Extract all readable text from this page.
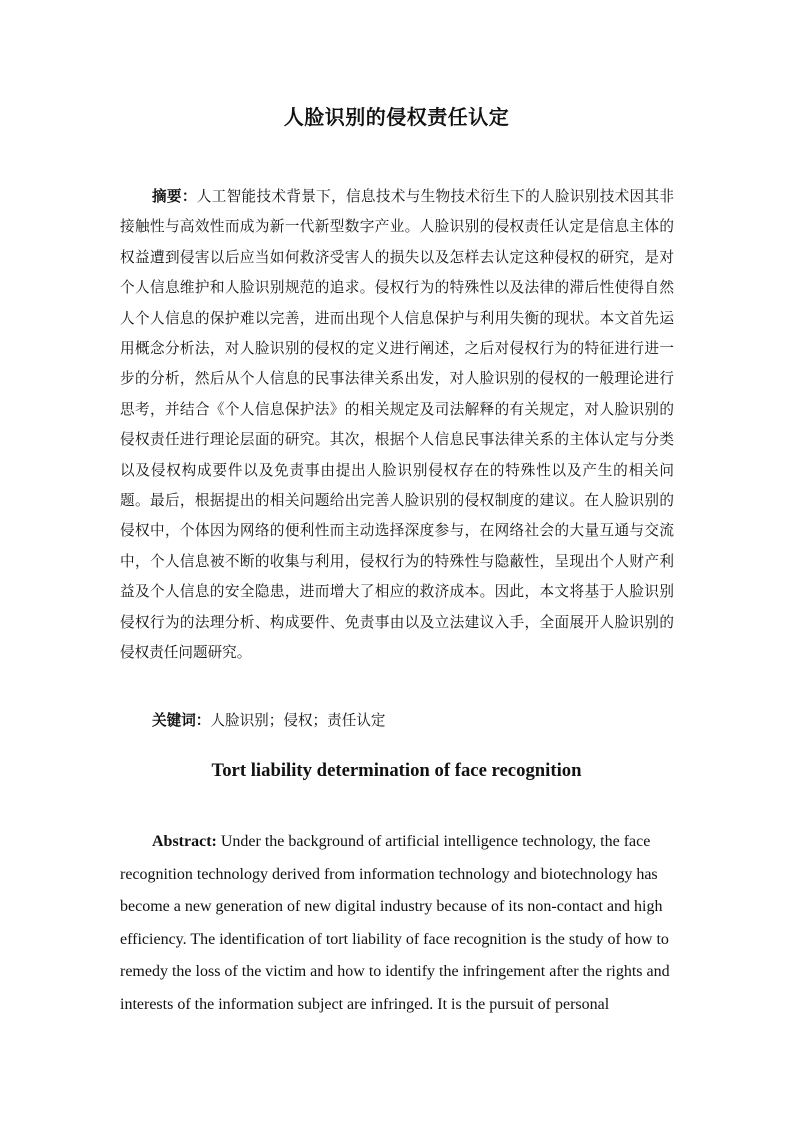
人脸识别的侵权责任认定

摘要：人工智能技术背景下，信息技术与生物技术衍生下的人脸识别技术因其非接触性与高效性而成为新一代新型数字产业。人脸识别的侵权责任认定是信息主体的权益遭到侵害以后应当如何救济受害人的损失以及怎样去认定这种侵权的研究，是对个人信息维护和人脸识别规范的追求。侵权行为的特殊性以及法律的滞后性使得自然人个人信息的保护难以完善，进而出现个人信息保护与利用失衡的现状。本文首先运用概念分析法，对人脸识别的侵权的定义进行阐述，之后对侵权行为的特征进行进一步的分析，然后从个人信息的民事法律关系出发，对人脸识别的侵权的一般理论进行思考，并结合《个人信息保护法》的相关规定及司法解释的有关规定，对人脸识别的侵权责任进行理论层面的研究。其次，根据个人信息民事法律关系的主体认定与分类以及侵权构成要件以及免责事由提出人脸识别侵权存在的特殊性以及产生的相关问题。最后，根据提出的相关问题给出完善人脸识别的侵权制度的建议。在人脸识别的侵权中，个体因为网络的便利性而主动选择深度参与，在网络社会的大量互通与交流中，个人信息被不断的收集与利用，侵权行为的特殊性与隐蔽性，呈现出个人财产利益及个人信息的安全隐患，进而增大了相应的救济成本。因此，本文将基于人脸识别侵权行为的法理分析、构成要件、免责事由以及立法建议入手，全面展开人脸识别的侵权责任问题研究。

关键词：人脸识别；侵权；责任认定

Tort liability determination of face recognition

Abstract: Under the background of artificial intelligence technology, the face
recognition technology derived from information technology and biotechnology has
become a new generation of new digital industry because of its non-contact and high
efficiency. The identification of tort liability of face recognition is the study of how to
remedy the loss of the victim and how to identify the infringement after the rights and
interests of the information subject are infringed. It is the pursuit of personal
